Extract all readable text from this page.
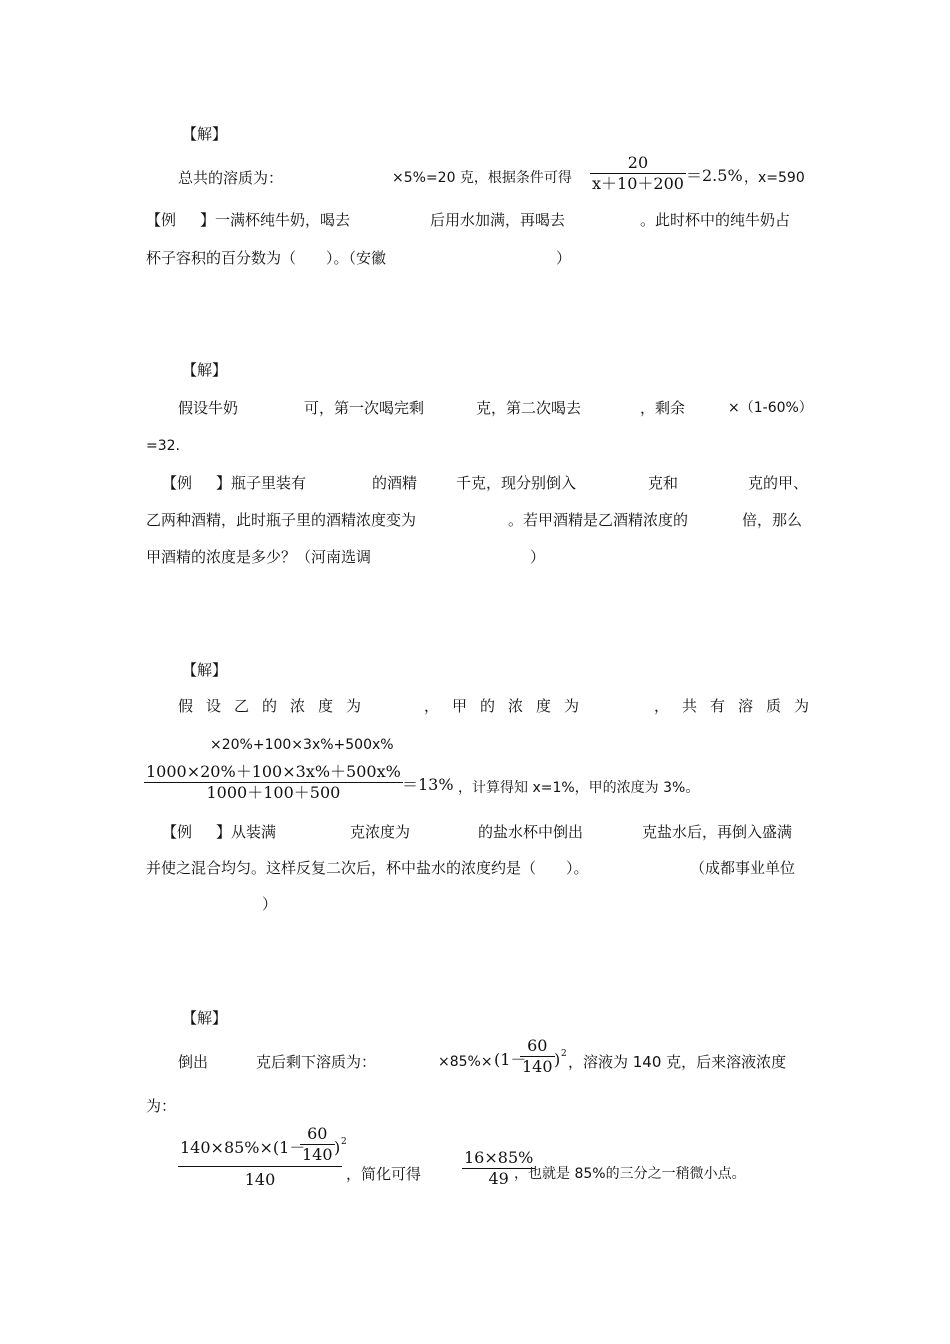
【解】
总共的溶质为：	×5%=20 克，根据条件可得
20
x＋10＋200 ＝2.5% ，x=590
【例 】一满杯纯牛奶，喝去	后用水加满，再喝去	。此时杯中的纯牛奶占
杯子容积的百分数为（　　）。（安徽	）
【解】
假设牛奶	可，第一次喝完剩	克，第二次喝去	，剩余	×（1-60%）
=32.
【例 】瓶子里装有	的酒精	千克，现分别倒入	克和	克的甲、
乙两种酒精，此时瓶子里的酒精浓度变为	。若甲酒精是乙酒精浓度的	倍，那么
甲酒精的浓度是多少？（河南选调	）
【解】
假设乙的浓度为	， 甲的浓度为	， 共有溶质为
×20%+100×3x%+500x%
1000×20%＋100×3x%＋500x%
1000＋100＋500	＝13% ，计算得知 x=1%，甲的浓度为 3%。
【例 】从装满	克浓度为	的盐水杯中倒出	克盐水后，再倒入盛满
并使之混合均匀。这样反复二次后，杯中盐水的浓度约是（　　）。	（成都事业单位
）
【解】
倒出	克后剩下溶质为：	×85%× (1－
60
140 ) 2 ，溶液为 140 克，后来溶液浓度
为：
140×85%×(1－
60
140 ) 2
140	，简化可得
16×85%
49 ，也就是 85%的三分之一稍微小点。
